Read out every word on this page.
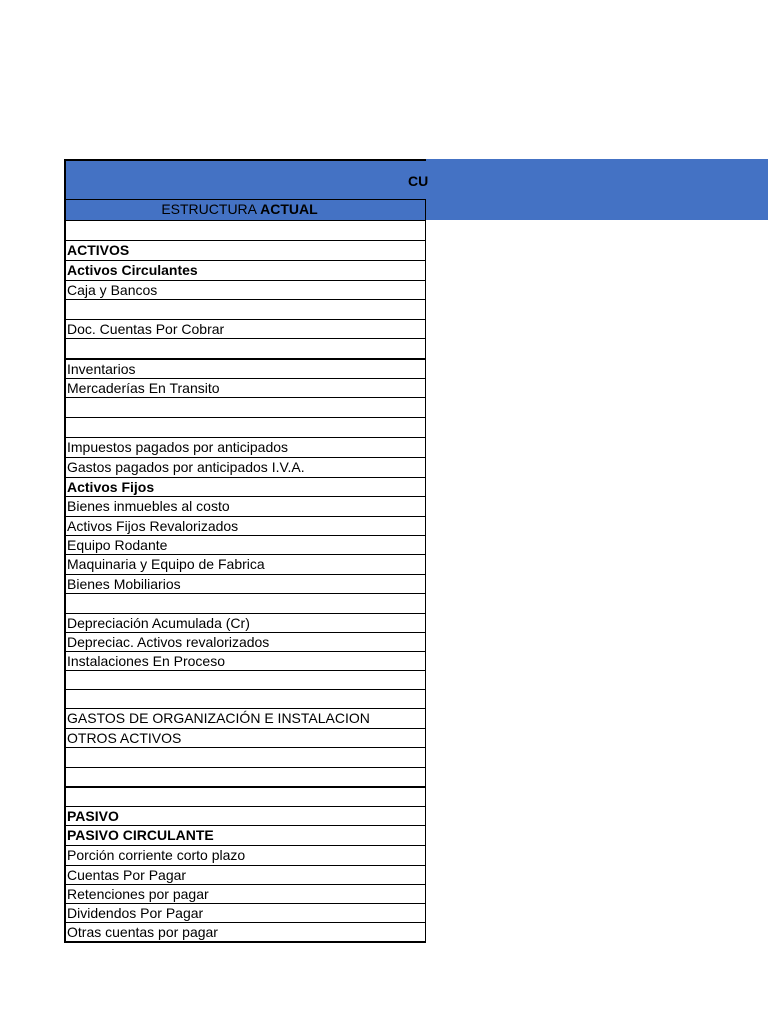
CU
ESTRUCTURA ACTUAL
ACTIVOS
Activos Circulantes
Caja y Bancos
Doc. Cuentas Por Cobrar
Inventarios
Mercaderías En Transito
Impuestos pagados por anticipados
Gastos pagados por anticipados I.V.A.
Activos Fijos
Bienes inmuebles al costo
Activos Fijos Revalorizados
Equipo Rodante
Maquinaria y Equipo de Fabrica
Bienes Mobiliarios
Depreciación Acumulada (Cr)
Depreciac. Activos revalorizados
Instalaciones En Proceso
GASTOS DE ORGANIZACIÓN E INSTALACION
OTROS ACTIVOS
PASIVO
PASIVO CIRCULANTE
Porción corriente corto plazo
Cuentas Por Pagar
Retenciones por pagar
Dividendos Por Pagar
Otras cuentas por pagar
